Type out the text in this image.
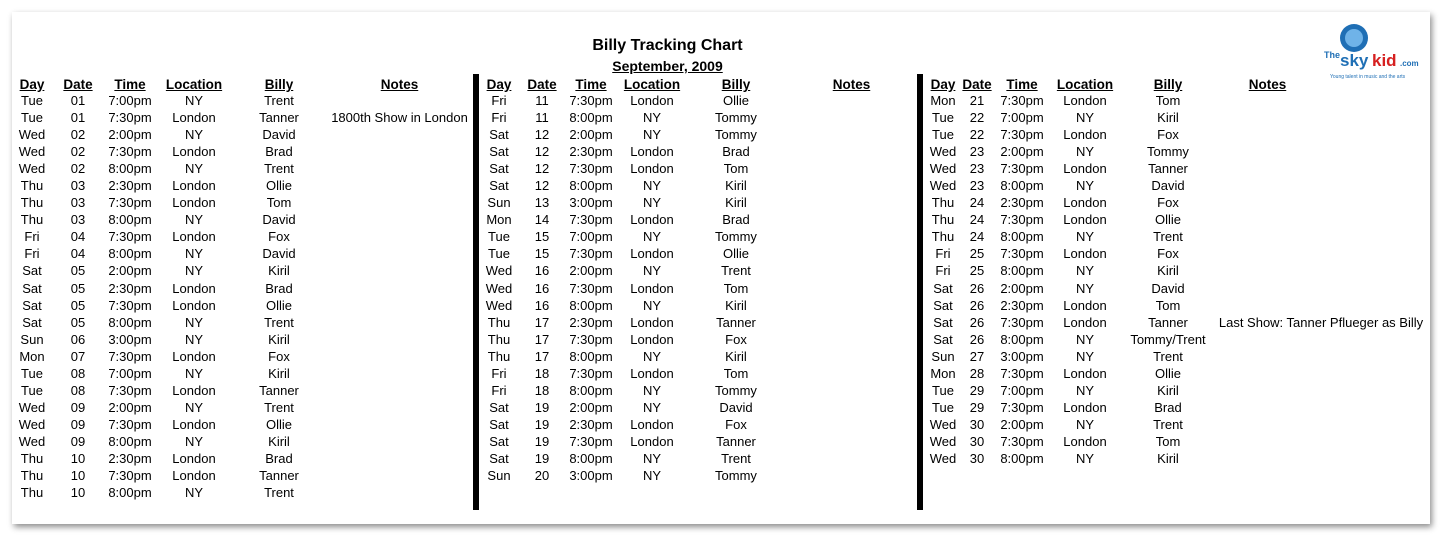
Billy Tracking Chart
September, 2009
The sky kid .com
Young talent in music and the arts
Day	Date	Time	Location	Billy	Notes
Tue	01	7:00pm	NY	Trent
Tue	01	7:30pm	London	Tanner	1800th Show in London
Wed	02	2:00pm	NY	David
Wed	02	7:30pm	London	Brad
Wed	02	8:00pm	NY	Trent
Thu	03	2:30pm	London	Ollie
Thu	03	7:30pm	London	Tom
Thu	03	8:00pm	NY	David
Fri	04	7:30pm	London	Fox
Fri	04	8:00pm	NY	David
Sat	05	2:00pm	NY	Kiril
Sat	05	2:30pm	London	Brad
Sat	05	7:30pm	London	Ollie
Sat	05	8:00pm	NY	Trent
Sun	06	3:00pm	NY	Kiril
Mon	07	7:30pm	London	Fox
Tue	08	7:00pm	NY	Kiril
Tue	08	7:30pm	London	Tanner
Wed	09	2:00pm	NY	Trent
Wed	09	7:30pm	London	Ollie
Wed	09	8:00pm	NY	Kiril
Thu	10	2:30pm	London	Brad
Thu	10	7:30pm	London	Tanner
Thu	10	8:00pm	NY	Trent
Day	Date	Time	Location	Billy	Notes
Fri	11	7:30pm	London	Ollie
Fri	11	8:00pm	NY	Tommy
Sat	12	2:00pm	NY	Tommy
Sat	12	2:30pm	London	Brad
Sat	12	7:30pm	London	Tom
Sat	12	8:00pm	NY	Kiril
Sun	13	3:00pm	NY	Kiril
Mon	14	7:30pm	London	Brad
Tue	15	7:00pm	NY	Tommy
Tue	15	7:30pm	London	Ollie
Wed	16	2:00pm	NY	Trent
Wed	16	7:30pm	London	Tom
Wed	16	8:00pm	NY	Kiril
Thu	17	2:30pm	London	Tanner
Thu	17	7:30pm	London	Fox
Thu	17	8:00pm	NY	Kiril
Fri	18	7:30pm	London	Tom
Fri	18	8:00pm	NY	Tommy
Sat	19	2:00pm	NY	David
Sat	19	2:30pm	London	Fox
Sat	19	7:30pm	London	Tanner
Sat	19	8:00pm	NY	Trent
Sun	20	3:00pm	NY	Tommy
Day Date	Time	Location	Billy	Notes
Mon	21	7:30pm	London	Tom
Tue	22	7:00pm	NY	Kiril
Tue	22	7:30pm	London	Fox
Wed	23	2:00pm	NY	Tommy
Wed	23	7:30pm	London	Tanner
Wed	23	8:00pm	NY	David
Thu	24	2:30pm	London	Fox
Thu	24	7:30pm	London	Ollie
Thu	24	8:00pm	NY	Trent
Fri	25	7:30pm	London	Fox
Fri	25	8:00pm	NY	Kiril
Sat	26	2:00pm	NY	David
Sat	26	2:30pm	London	Tom
Sat	26	7:30pm	London	Tanner	Last Show: Tanner Pflueger as Billy
Sat	26	8:00pm	NY	Tommy/Trent
Sun	27	3:00pm	NY	Trent
Mon	28	7:30pm	London	Ollie
Tue	29	7:00pm	NY	Kiril
Tue	29	7:30pm	London	Brad
Wed	30	2:00pm	NY	Trent
Wed	30	7:30pm	London	Tom
Wed	30	8:00pm	NY	Kiril
